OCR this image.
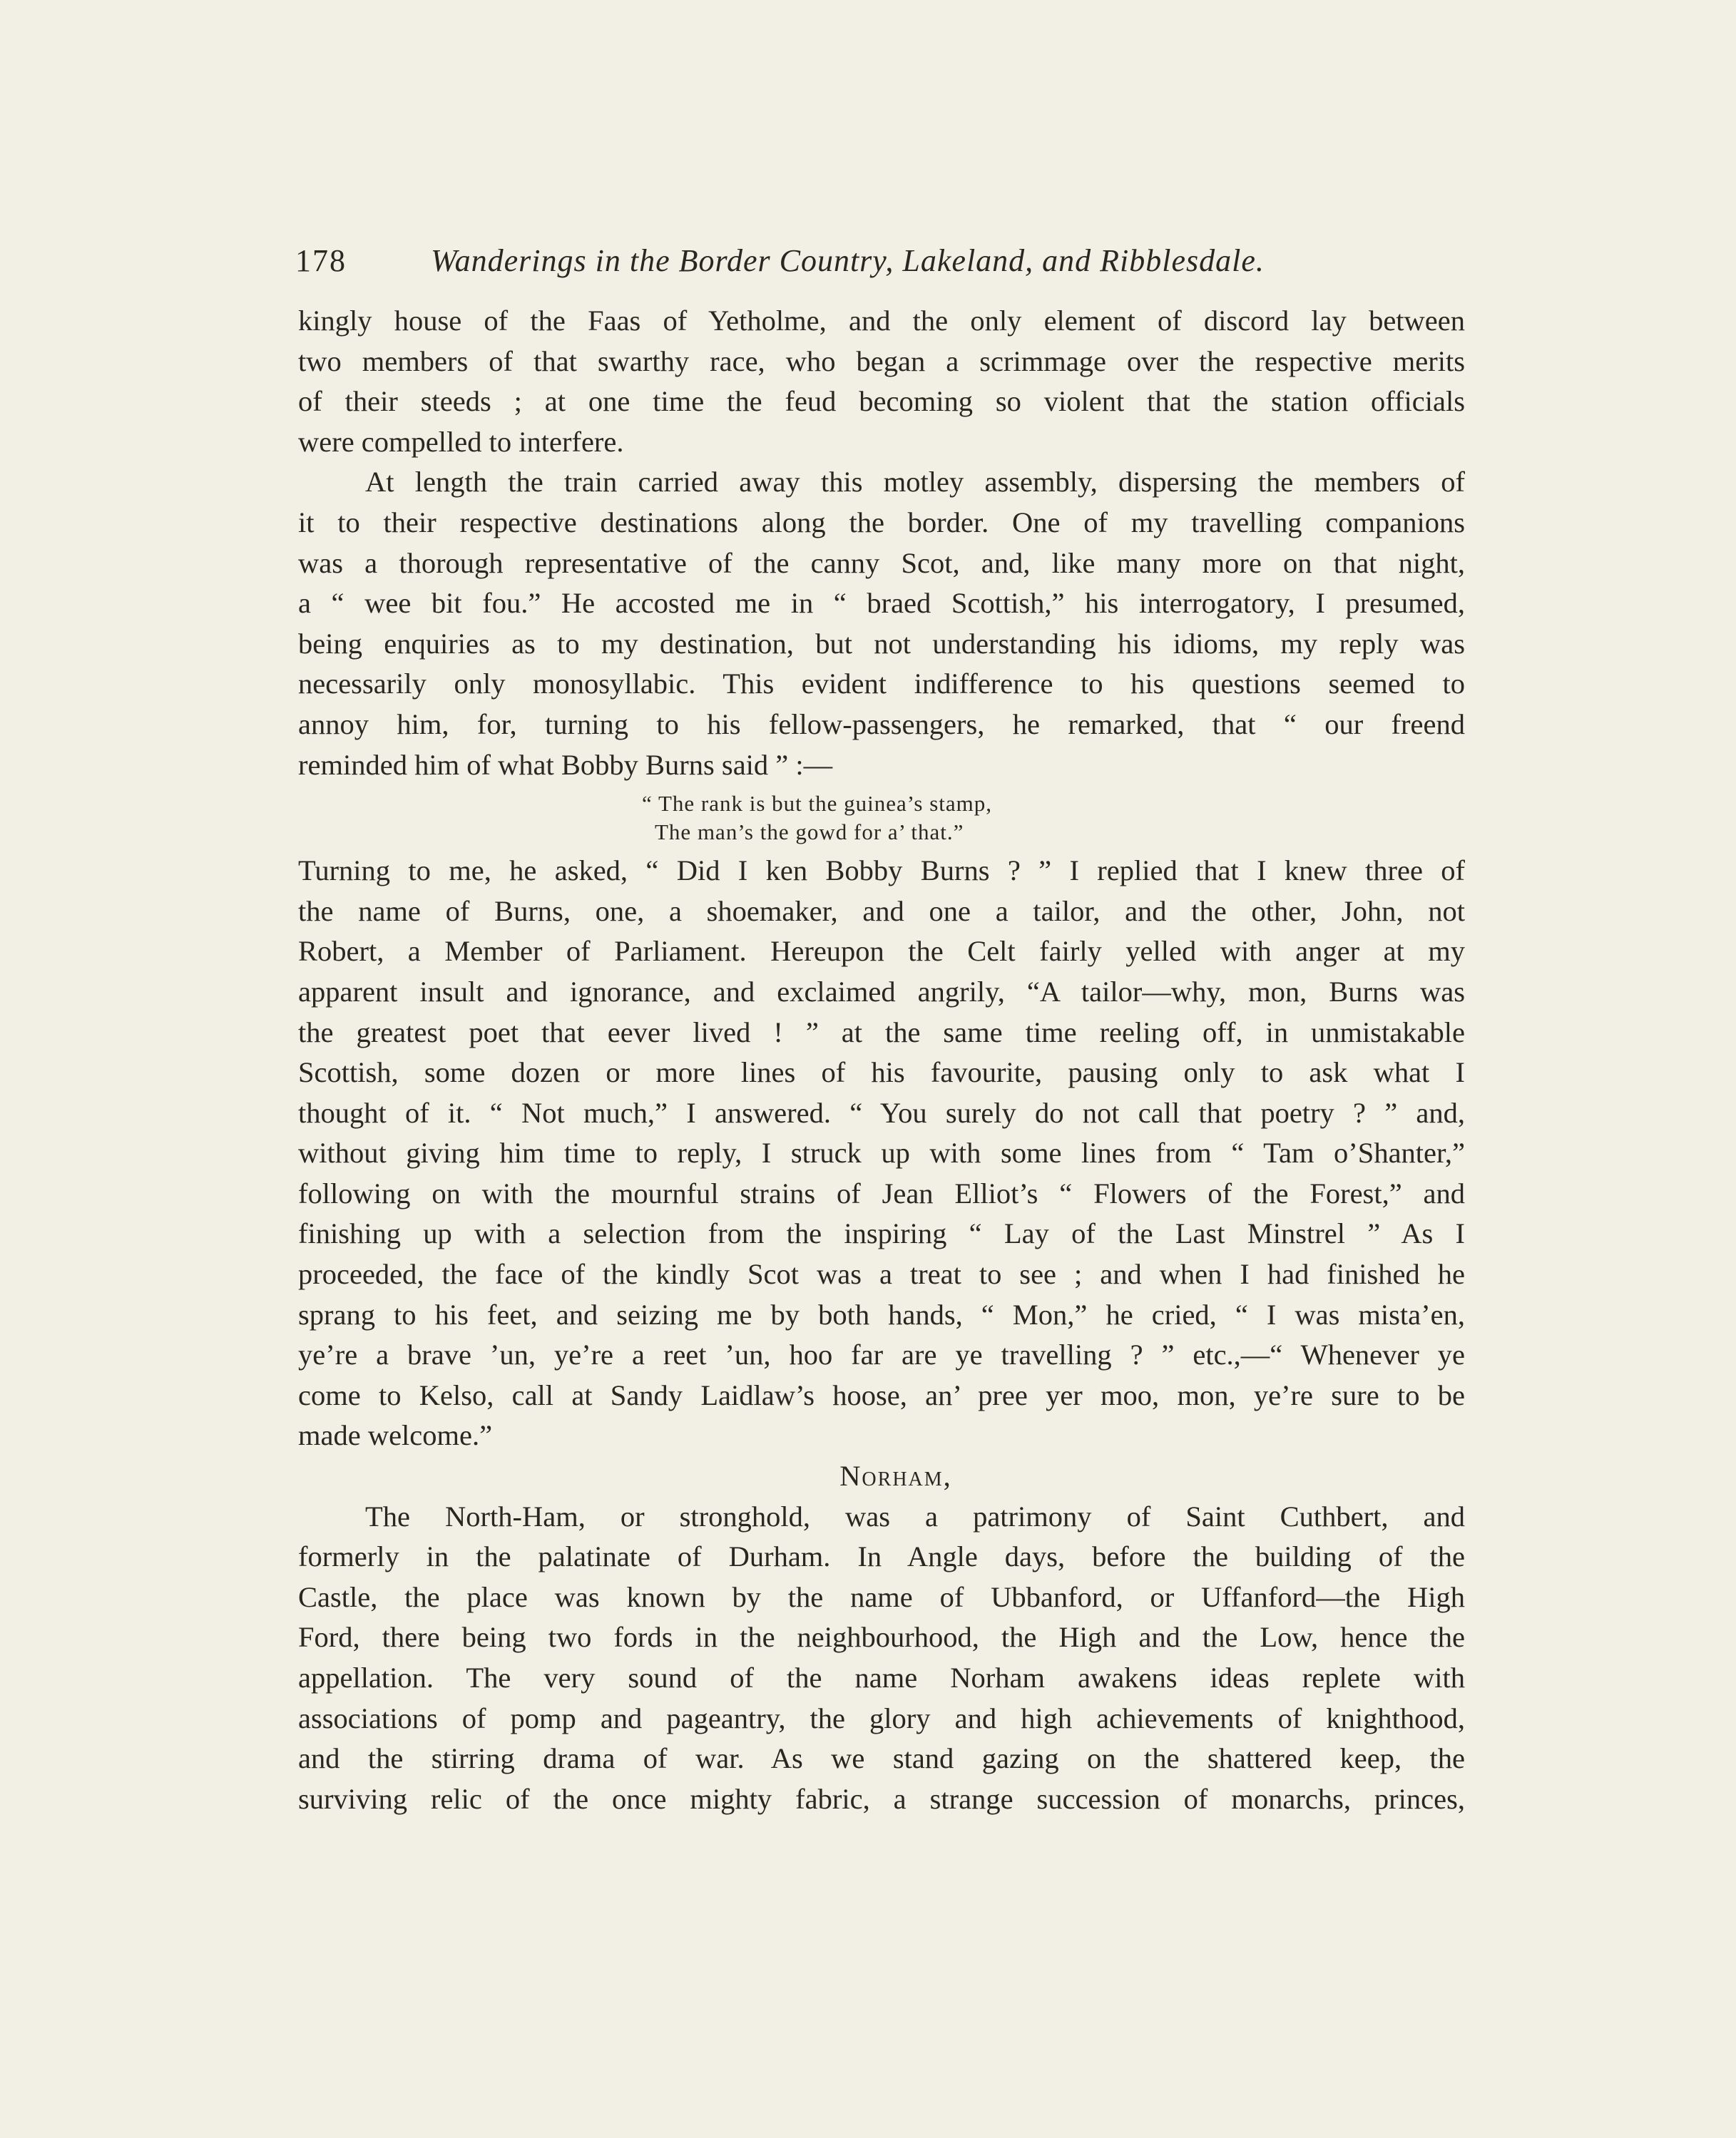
178	Wanderings in the Border Country, Lakeland, and Ribblesdale.
kingly house of the Faas of Yetholme, and the only element of discord lay between
two members of that swarthy race, who began a scrimmage over the respective merits
of their steeds ; at one time the feud becoming so violent that the station officials
were compelled to interfere.
At length the train carried away this motley assembly, dispersing the members of
it to their respective destinations along the border. One of my travelling companions
was a thorough representative of the canny Scot, and, like many more on that night,
a “ wee bit fou.” He accosted me in “ braed Scottish,” his interrogatory, I presumed,
being enquiries as to my destination, but not understanding his idioms, my reply was
necessarily only monosyllabic. This evident indifference to his questions seemed to
annoy him, for, turning to his fellow-passengers, he remarked, that “ our freend
reminded him of what Bobby Burns said ” :—
“ The rank is but the guinea’s stamp,
The man’s the gowd for a’ that.”
Turning to me, he asked, “ Did I ken Bobby Burns ? ” I replied that I knew three of
the name of Burns, one, a shoemaker, and one a tailor, and the other, John, not
Robert, a Member of Parliament. Hereupon the Celt fairly yelled with anger at my
apparent insult and ignorance, and exclaimed angrily, “A tailor—why, mon, Burns was
the greatest poet that eever lived ! ” at the same time reeling off, in unmistakable
Scottish, some dozen or more lines of his favourite, pausing only to ask what I
thought of it. “ Not much,” I answered. “ You surely do not call that poetry ? ” and,
without giving him time to reply, I struck up with some lines from “ Tam o’Shanter,”
following on with the mournful strains of Jean Elliot’s “ Flowers of the Forest,” and
finishing up with a selection from the inspiring “ Lay of the Last Minstrel ” As I
proceeded, the face of the kindly Scot was a treat to see ; and when I had finished he
sprang to his feet, and seizing me by both hands, “ Mon,” he cried, “ I was mista’en,
ye’re a brave ’un, ye’re a reet ’un, hoo far are ye travelling ? ” etc.,—“ Whenever ye
come to Kelso, call at Sandy Laidlaw’s hoose, an’ pree yer moo, mon, ye’re sure to be
made welcome.”
Norham,
The North-Ham, or stronghold, was a patrimony of Saint Cuthbert, and
formerly in the palatinate of Durham. In Angle days, before the building of the
Castle, the place was known by the name of Ubbanford, or Uffanford—the High
Ford, there being two fords in the neighbourhood, the High and the Low, hence the
appellation. The very sound of the name Norham awakens ideas replete with
associations of pomp and pageantry, the glory and high achievements of knighthood,
and the stirring drama of war. As we stand gazing on the shattered keep, the
surviving relic of the once mighty fabric, a strange succession of monarchs, princes,
